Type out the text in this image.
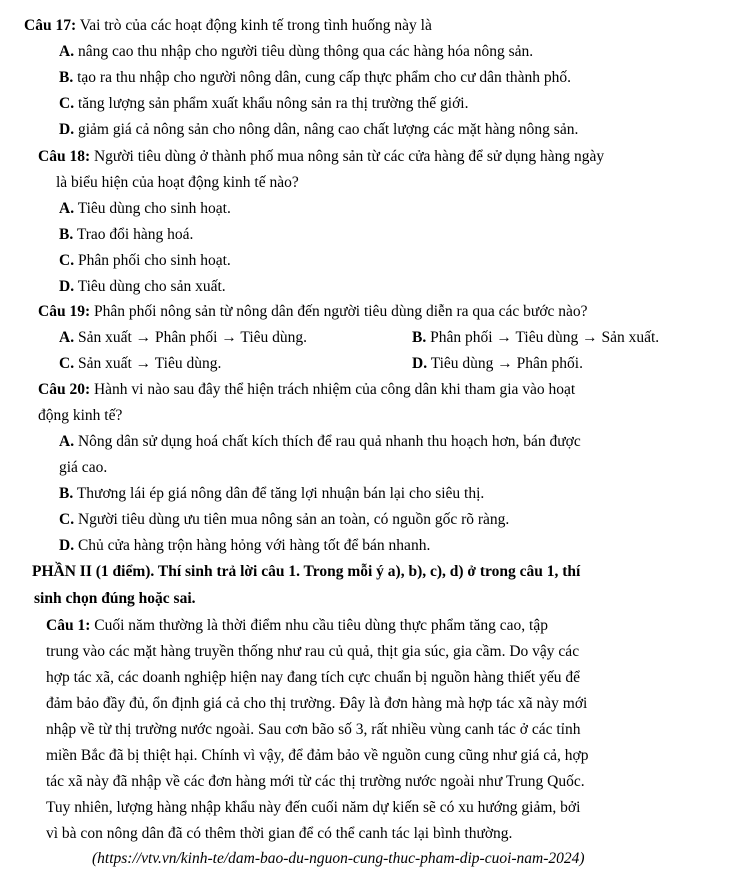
Câu 17: Vai trò của các hoạt động kinh tế trong tình huống này là
A. nâng cao thu nhập cho người tiêu dùng thông qua các hàng hóa nông sản.
B. tạo ra thu nhập cho người nông dân, cung cấp thực phẩm cho cư dân thành phố.
C. tăng lượng sản phẩm xuất khẩu nông sản ra thị trường thế giới.
D. giảm giá cả nông sản cho nông dân, nâng cao chất lượng các mặt hàng nông sản.
Câu 18: Người tiêu dùng ở thành phố mua nông sản từ các cửa hàng để sử dụng hàng ngày
là biểu hiện của hoạt động kinh tế nào?
A. Tiêu dùng cho sinh hoạt.
B. Trao đổi hàng hoá.
C. Phân phối cho sinh hoạt.
D. Tiêu dùng cho sản xuất.
Câu 19: Phân phối nông sản từ nông dân đến người tiêu dùng diễn ra qua các bước nào?
A. Sản xuất → Phân phối → Tiêu dùng.	B. Phân phối → Tiêu dùng → Sản xuất.
C. Sản xuất → Tiêu dùng.	D. Tiêu dùng → Phân phối.
Câu 20: Hành vi nào sau đây thể hiện trách nhiệm của công dân khi tham gia vào hoạt
động kinh tế?
A. Nông dân sử dụng hoá chất kích thích để rau quả nhanh thu hoạch hơn, bán được
giá cao.
B. Thương lái ép giá nông dân để tăng lợi nhuận bán lại cho siêu thị.
C. Người tiêu dùng ưu tiên mua nông sản an toàn, có nguồn gốc rõ ràng.
D. Chủ cửa hàng trộn hàng hỏng với hàng tốt để bán nhanh.
PHẦN II (1 điểm). Thí sinh trả lời câu 1. Trong mỗi ý a), b), c), d) ở trong câu 1, thí
sinh chọn đúng hoặc sai.
Câu 1: Cuối năm thường là thời điểm nhu cầu tiêu dùng thực phẩm tăng cao, tập
trung vào các mặt hàng truyền thống như rau củ quả, thịt gia súc, gia cầm. Do vậy các
hợp tác xã, các doanh nghiệp hiện nay đang tích cực chuẩn bị nguồn hàng thiết yếu để
đảm bảo đầy đủ, ổn định giá cả cho thị trường. Đây là đơn hàng mà hợp tác xã này mới
nhập về từ thị trường nước ngoài. Sau cơn bão số 3, rất nhiều vùng canh tác ở các tỉnh
miền Bắc đã bị thiệt hại. Chính vì vậy, để đảm bảo về nguồn cung cũng như giá cả, hợp
tác xã này đã nhập về các đơn hàng mới từ các thị trường nước ngoài như Trung Quốc.
Tuy nhiên, lượng hàng nhập khẩu này đến cuối năm dự kiến sẽ có xu hướng giảm, bởi
vì bà con nông dân đã có thêm thời gian để có thể canh tác lại bình thường.
(https://vtv.vn/kinh-te/dam-bao-du-nguon-cung-thuc-pham-dip-cuoi-nam-2024)
